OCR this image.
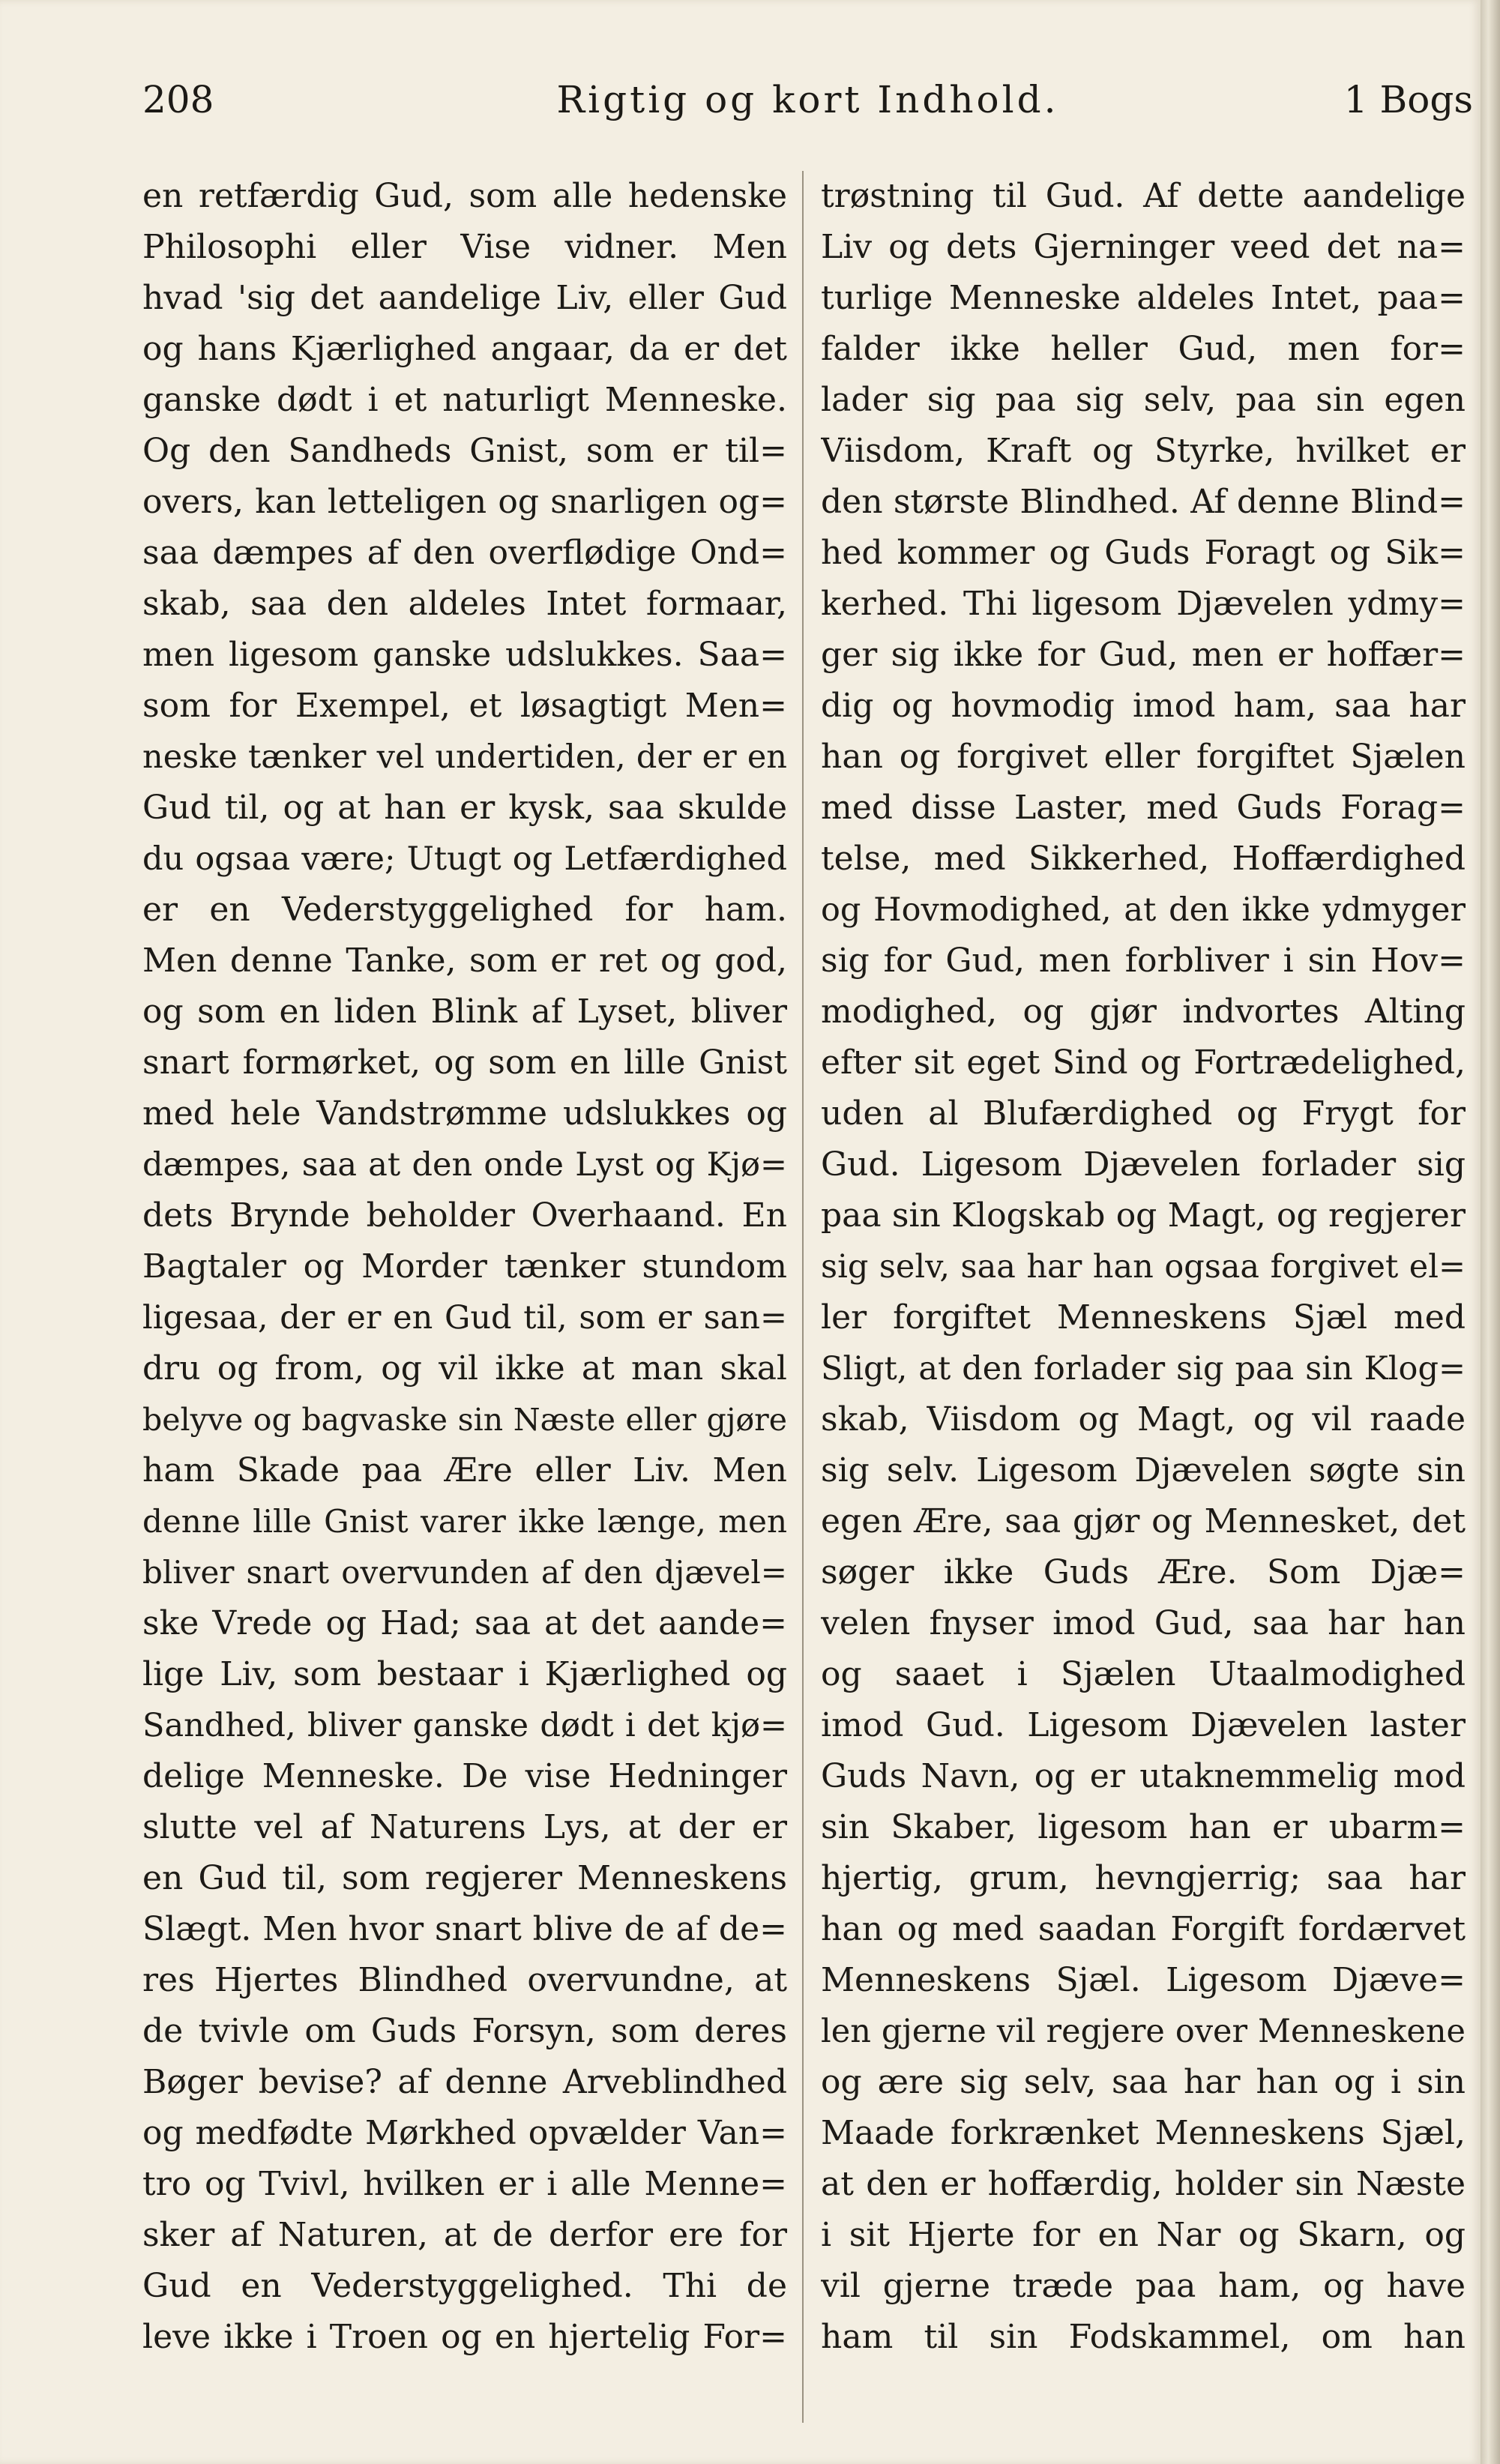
208	Rigtig og kort Indhold.	1 Bogs
en retfærdig Gud, som alle hedenske
Philosophi eller Vise vidner. Men
hvad 'sig det aandelige Liv, eller Gud
og hans Kjærlighed angaar, da er det
ganske dødt i et naturligt Menneske.
Og den Sandheds Gnist, som er til=
overs, kan letteligen og snarligen og=
saa dæmpes af den overflødige Ond=
skab, saa den aldeles Intet formaar,
men ligesom ganske udslukkes. Saa=
som for Exempel, et løsagtigt Men=
neske tænker vel undertiden, der er en
Gud til, og at han er kysk, saa skulde
du ogsaa være; Utugt og Letfærdighed
er en Vederstyggelighed for ham.
Men denne Tanke, som er ret og god,
og som en liden Blink af Lyset, bliver
snart formørket, og som en lille Gnist
med hele Vandstrømme udslukkes og
dæmpes, saa at den onde Lyst og Kjø=
dets Brynde beholder Overhaand. En
Bagtaler og Morder tænker stundom
ligesaa, der er en Gud til, som er san=
dru og from, og vil ikke at man skal
belyve og bagvaske sin Næste eller gjøre
ham Skade paa Ære eller Liv. Men
denne lille Gnist varer ikke længe, men
bliver snart overvunden af den djævel=
ske Vrede og Had; saa at det aande=
lige Liv, som bestaar i Kjærlighed og
Sandhed, bliver ganske dødt i det kjø=
delige Menneske. De vise Hedninger
slutte vel af Naturens Lys, at der er
en Gud til, som regjerer Menneskens
Slægt. Men hvor snart blive de af de=
res Hjertes Blindhed overvundne, at
de tvivle om Guds Forsyn, som deres
Bøger bevise? af denne Arveblindhed
og medfødte Mørkhed opvælder Van=
tro og Tvivl, hvilken er i alle Menne=
sker af Naturen, at de derfor ere for
Gud en Vederstyggelighed. Thi de
leve ikke i Troen og en hjertelig For=
trøstning til Gud. Af dette aandelige
Liv og dets Gjerninger veed det na=
turlige Menneske aldeles Intet, paa=
falder ikke heller Gud, men for=
lader sig paa sig selv, paa sin egen
Viisdom, Kraft og Styrke, hvilket er
den største Blindhed. Af denne Blind=
hed kommer og Guds Foragt og Sik=
kerhed. Thi ligesom Djævelen ydmy=
ger sig ikke for Gud, men er hoffær=
dig og hovmodig imod ham, saa har
han og forgivet eller forgiftet Sjælen
med disse Laster, med Guds Forag=
telse, med Sikkerhed, Hoffærdighed
og Hovmodighed, at den ikke ydmyger
sig for Gud, men forbliver i sin Hov=
modighed, og gjør indvortes Alting
efter sit eget Sind og Fortrædelighed,
uden al Blufærdighed og Frygt for
Gud. Ligesom Djævelen forlader sig
paa sin Klogskab og Magt, og regjerer
sig selv, saa har han ogsaa forgivet el=
ler forgiftet Menneskens Sjæl med
Sligt, at den forlader sig paa sin Klog=
skab, Viisdom og Magt, og vil raade
sig selv. Ligesom Djævelen søgte sin
egen Ære, saa gjør og Mennesket, det
søger ikke Guds Ære. Som Djæ=
velen fnyser imod Gud, saa har han
og saaet i Sjælen Utaalmodighed
imod Gud. Ligesom Djævelen laster
Guds Navn, og er utaknemmelig mod
sin Skaber, ligesom han er ubarm=
hjertig, grum, hevngjerrig; saa har
han og med saadan Forgift fordærvet
Menneskens Sjæl. Ligesom Djæve=
len gjerne vil regjere over Menneskene
og ære sig selv, saa har han og i sin
Maade forkrænket Menneskens Sjæl,
at den er hoffærdig, holder sin Næste
i sit Hjerte for en Nar og Skarn, og
vil gjerne træde paa ham, og have
ham til sin Fodskammel, om han
